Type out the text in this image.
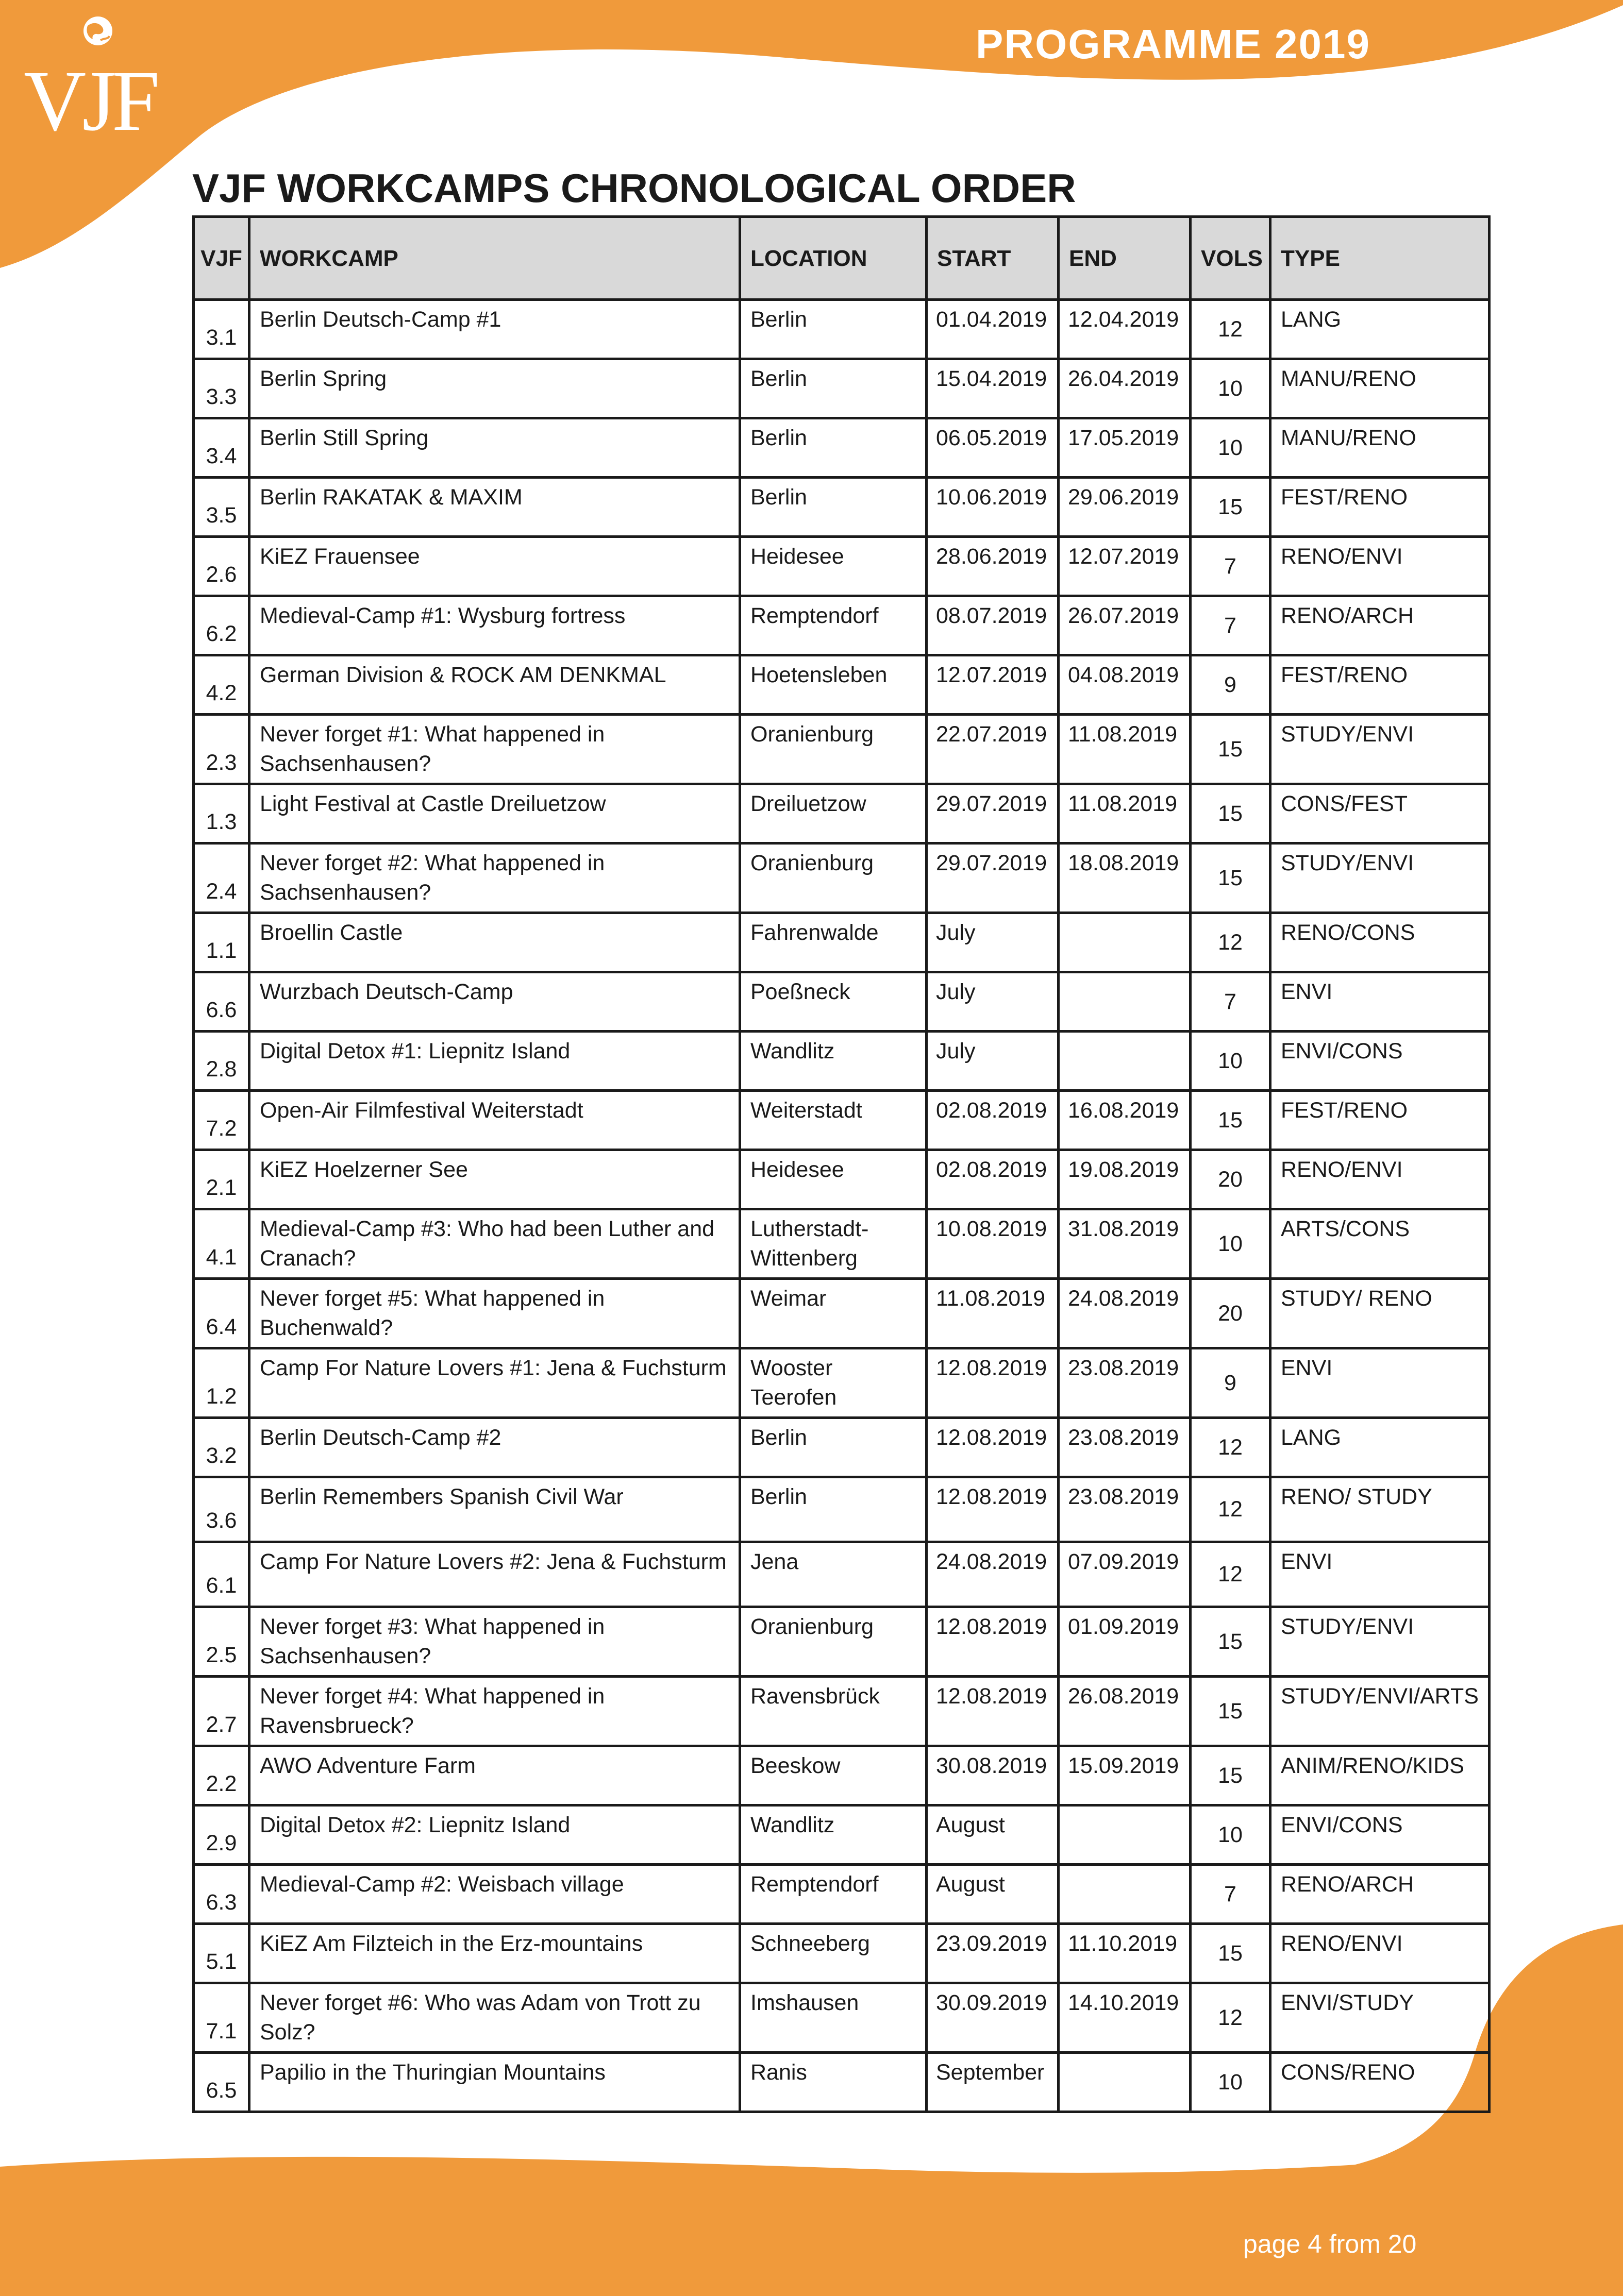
VJF
PROGRAMME 2019
VJF WORKCAMPS CHRONOLOGICAL ORDER
VJF	WORKCAMP	LOCATION	START	END	VOLS	TYPE
3.1	Berlin Deutsch-Camp #1	Berlin	01.04.2019	12.04.2019	12	LANG
3.3	Berlin Spring	Berlin	15.04.2019	26.04.2019	10	MANU/RENO
3.4	Berlin Still Spring	Berlin	06.05.2019	17.05.2019	10	MANU/RENO
3.5	Berlin RAKATAK & MAXIM	Berlin	10.06.2019	29.06.2019	15	FEST/RENO
2.6	KiEZ Frauensee	Heidesee	28.06.2019	12.07.2019	7	RENO/ENVI
6.2	Medieval-Camp #1: Wysburg fortress	Remptendorf	08.07.2019	26.07.2019	7	RENO/ARCH
4.2	German Division & ROCK AM DENKMAL	Hoetensleben	12.07.2019	04.08.2019	9	FEST/RENO
2.3	Never forget #1: What happened in Sachsenhausen?	Oranienburg	22.07.2019	11.08.2019	15	STUDY/ENVI
1.3	Light Festival at Castle Dreiluetzow	Dreiluetzow	29.07.2019	11.08.2019	15	CONS/FEST
2.4	Never forget #2: What happened in Sachsenhausen?	Oranienburg	29.07.2019	18.08.2019	15	STUDY/ENVI
1.1	Broellin Castle	Fahrenwalde	July		12	RENO/CONS
6.6	Wurzbach Deutsch-Camp	Poeßneck	July		7	ENVI
2.8	Digital Detox #1: Liepnitz Island	Wandlitz	July		10	ENVI/CONS
7.2	Open-Air Filmfestival Weiterstadt	Weiterstadt	02.08.2019	16.08.2019	15	FEST/RENO
2.1	KiEZ Hoelzerner See	Heidesee	02.08.2019	19.08.2019	20	RENO/ENVI
4.1	Medieval-Camp #3: Who had been Luther and Cranach?	Lutherstadt-Wittenberg	10.08.2019	31.08.2019	10	ARTS/CONS
6.4	Never forget #5: What happened in Buchenwald?	Weimar	11.08.2019	24.08.2019	20	STUDY/ RENO
1.2	Camp For Nature Lovers #1: Jena & Fuchsturm	Wooster Teerofen	12.08.2019	23.08.2019	9	ENVI
3.2	Berlin Deutsch-Camp #2	Berlin	12.08.2019	23.08.2019	12	LANG
3.6	Berlin Remembers Spanish Civil War	Berlin	12.08.2019	23.08.2019	12	RENO/ STUDY
6.1	Camp For Nature Lovers #2: Jena & Fuchsturm	Jena	24.08.2019	07.09.2019	12	ENVI
2.5	Never forget #3: What happened in Sachsenhausen?	Oranienburg	12.08.2019	01.09.2019	15	STUDY/ENVI
2.7	Never forget #4: What happened in Ravensbrueck?	Ravensbrück	12.08.2019	26.08.2019	15	STUDY/ENVI/ARTS
2.2	AWO Adventure Farm	Beeskow	30.08.2019	15.09.2019	15	ANIM/RENO/KIDS
2.9	Digital Detox #2: Liepnitz Island	Wandlitz	August		10	ENVI/CONS
6.3	Medieval-Camp #2: Weisbach village	Remptendorf	August		7	RENO/ARCH
5.1	KiEZ Am Filzteich in the Erz-mountains	Schneeberg	23.09.2019	11.10.2019	15	RENO/ENVI
7.1	Never forget #6: Who was Adam von Trott zu Solz?	Imshausen	30.09.2019	14.10.2019	12	ENVI/STUDY
6.5	Papilio in the Thuringian Mountains	Ranis	September		10	CONS/RENO
page 4 from 20
